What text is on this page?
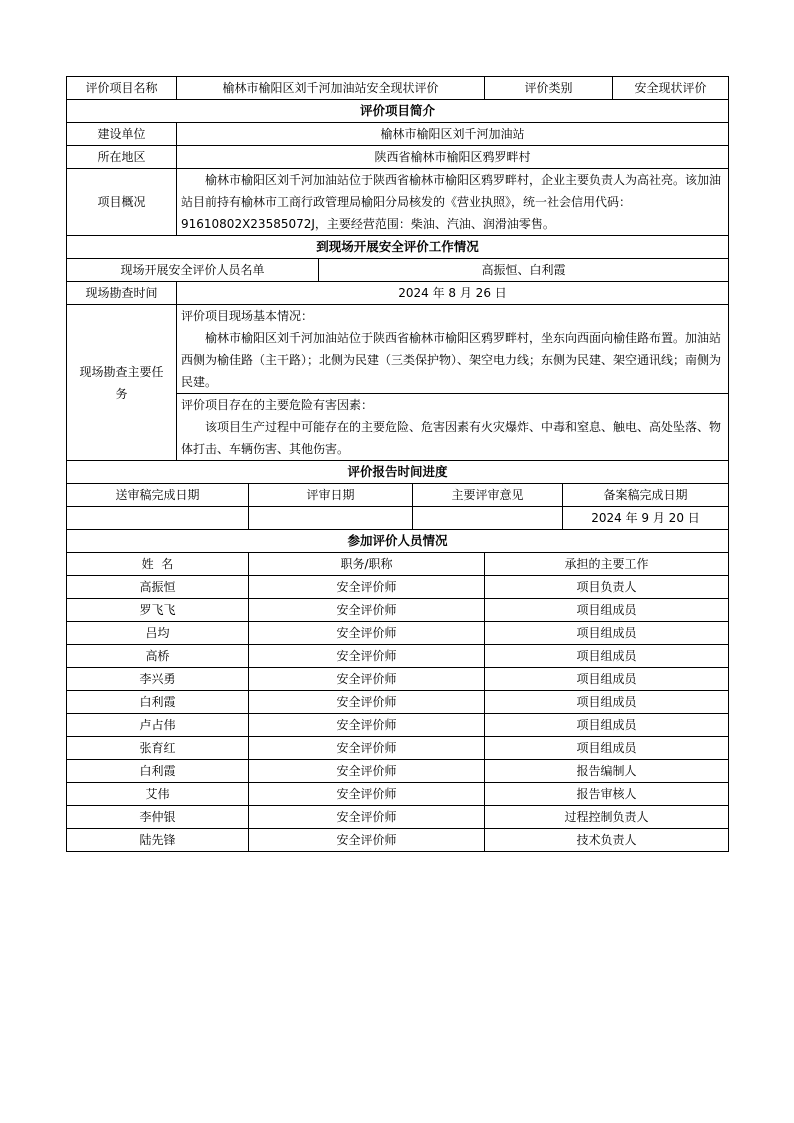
评价项目名称	榆林市榆阳区刘千河加油站安全现状评价				评价类别		安全现状评价
评价项目简介							
建设单位	榆林市榆阳区刘千河加油站						
所在地区	陕西省榆林市榆阳区鸦罗畔村						
项目概况	榆林市榆阳区刘千河加油站位于陕西省榆林市榆阳区鸦罗畔村，企业主要负责人为高社亮。该加油站目前持有榆林市工商行政管理局榆阳分局核发的《营业执照》，统一社会信用代码：91610802X23585072J，主要经营范围：柴油、汽油、润滑油零售。						

到现场开展安全评价工作情况							
现场开展安全评价人员名单			高振恒、白利霞				
现场勘查时间	2024 年 8 月 26 日						
现场勘查主要任务	评价项目现场基本情况：

榆林市榆阳区刘千河加油站位于陕西省榆林市榆阳区鸦罗畔村，坐东向西面向榆佳路布置。加油站西侧为榆佳路（主干路）；北侧为民建（三类保护物）、架空电力线；东侧为民建、架空通讯线；南侧为民建。						

	评价项目存在的主要危险有害因素：

该项目生产过程中可能存在的主要危险、危害因素有火灾爆炸、中毒和窒息、触电、高处坠落、物体打击、车辆伤害、其他伤害。						

评价报告时间进度							
送审稿完成日期		评审日期		主要评审意见		备案稿完成日期	
						2024 年 9 月 20 日	
参加评价人员情况							
姓  名		职务/职称			承担的主要工作		
高振恒		安全评价师			项目负责人		
罗飞飞		安全评价师			项目组成员		
吕均		安全评价师			项目组成员		
高桥		安全评价师			项目组成员		
李兴勇		安全评价师			项目组成员		
白利霞		安全评价师			项目组成员		
卢占伟		安全评价师			项目组成员		
张育红		安全评价师			项目组成员		
白利霞		安全评价师			报告编制人		
艾伟		安全评价师			报告审核人		
李仲银		安全评价师			过程控制负责人		
陆先锋		安全评价师			技术负责人		
